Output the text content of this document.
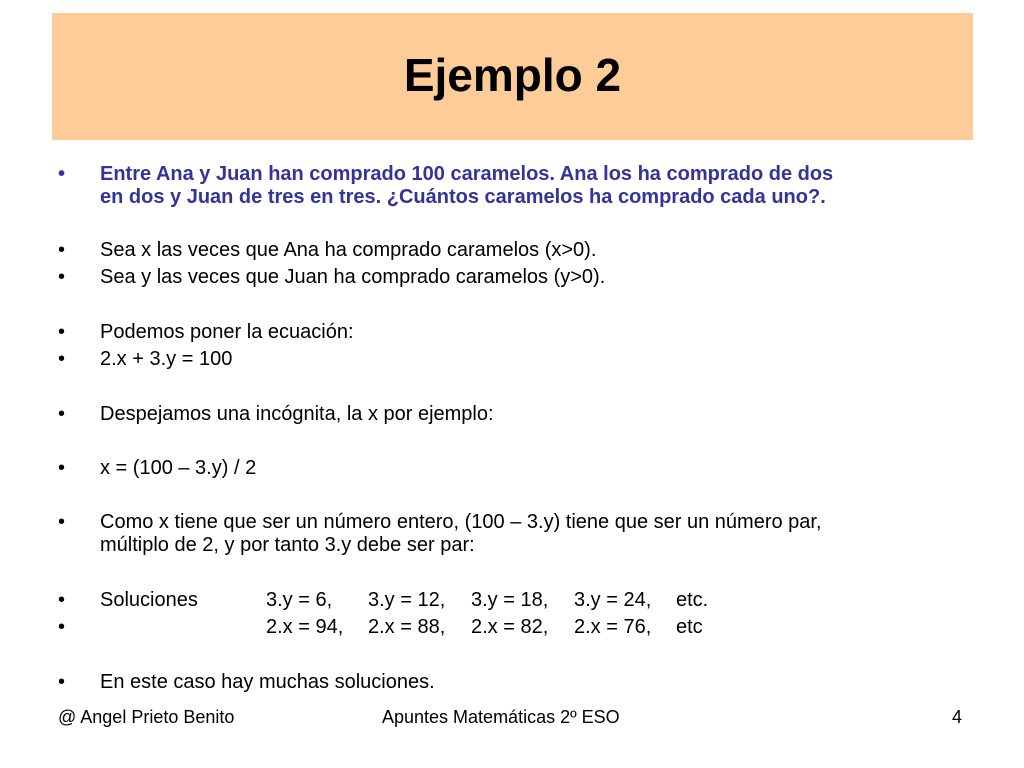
Ejemplo 2
• Entre Ana y Juan han comprado 100 caramelos. Ana los ha comprado de dos
en dos y Juan de tres en tres. ¿Cuántos caramelos ha comprado cada uno?.
• Sea x las veces que Ana ha comprado caramelos (x>0).
• Sea y las veces que Juan ha comprado caramelos (y>0).
• Podemos poner la ecuación:
• 2.x + 3.y = 100
• Despejamos una incógnita, la x por ejemplo:
• x = (100 – 3.y) / 2
• Como x tiene que ser un número entero, (100 – 3.y) tiene que ser un número par,
múltiplo de 2, y por tanto 3.y debe ser par:
• Soluciones	3.y = 6, 3.y = 12, 3.y = 18, 3.y = 24, etc.
•	2.x = 94, 2.x = 88, 2.x = 82, 2.x = 76, etc
• En este caso hay muchas soluciones.
@ Angel Prieto Benito	Apuntes Matemáticas 2º ESO	4
